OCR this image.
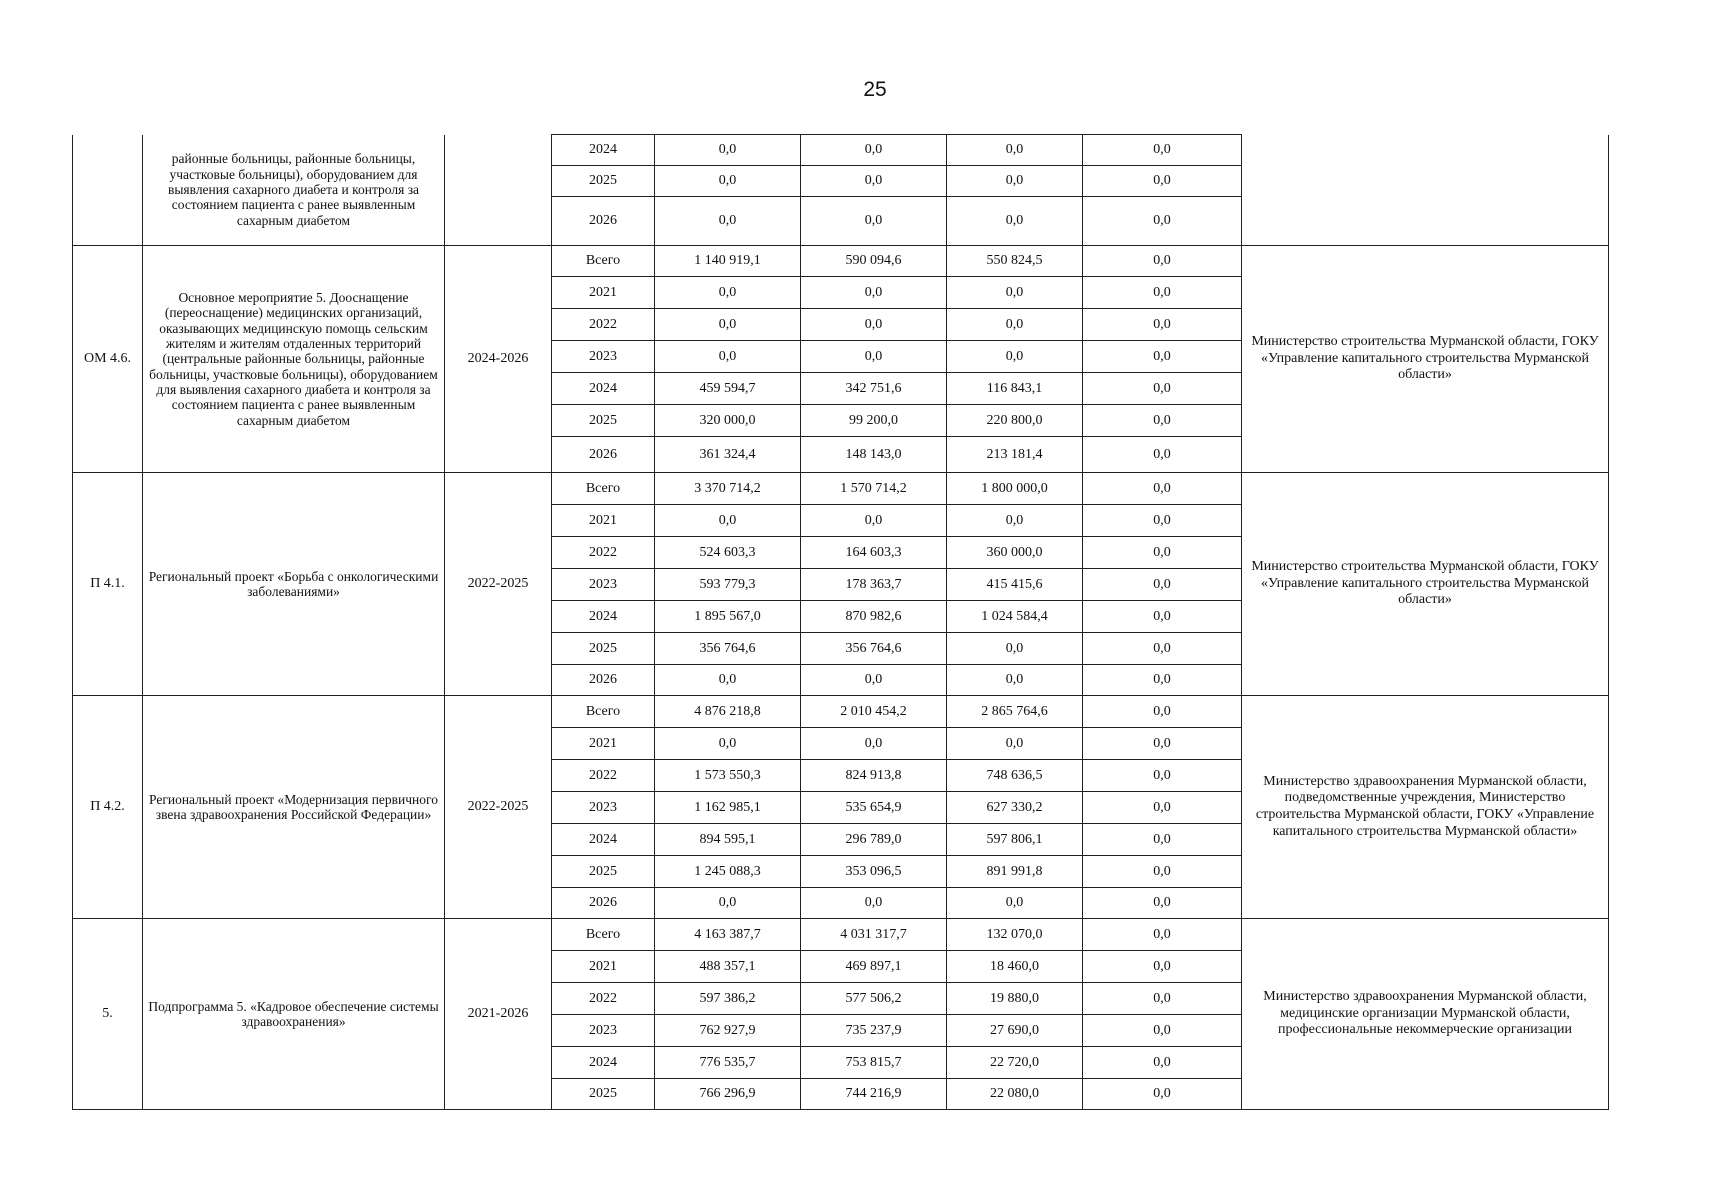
25
	районные больницы, районные больницы, участковые больницы), оборудованием для выявления сахарного диабета и контроля за состоянием пациента с ранее выявленным сахарным диабетом		2024	0,0	0,0	0,0	0,0	
			2025	0,0	0,0	0,0	0,0	
			2026	0,0	0,0	0,0	0,0	
ОМ 4.6.	Основное мероприятие 5. Дооснащение (переоснащение) медицинских организаций, оказывающих медицинскую помощь сельским жителям и жителям отдаленных территорий (центральные районные больницы, районные больницы, участковые больницы), оборудованием для выявления сахарного диабета и контроля за состоянием пациента с ранее выявленным сахарным диабетом	2024-2026	Всего	1 140 919,1	590 094,6	550 824,5	0,0	Министерство строительства Мурманской области, ГОКУ «Управление капитального строительства Мурманской области»
			2021	0,0	0,0	0,0	0,0	
			2022	0,0	0,0	0,0	0,0	
			2023	0,0	0,0	0,0	0,0	
			2024	459 594,7	342 751,6	116 843,1	0,0	
			2025	320 000,0	99 200,0	220 800,0	0,0	
			2026	361 324,4	148 143,0	213 181,4	0,0	
П 4.1.	Региональный проект «Борьба с онкологическими заболеваниями»	2022-2025	Всего	3 370 714,2	1 570 714,2	1 800 000,0	0,0	Министерство строительства Мурманской области, ГОКУ «Управление капитального строительства Мурманской области»
			2021	0,0	0,0	0,0	0,0	
			2022	524 603,3	164 603,3	360 000,0	0,0	
			2023	593 779,3	178 363,7	415 415,6	0,0	
			2024	1 895 567,0	870 982,6	1 024 584,4	0,0	
			2025	356 764,6	356 764,6	0,0	0,0	
			2026	0,0	0,0	0,0	0,0	
П 4.2.	Региональный проект «Модернизация первичного звена здравоохранения Российской Федерации»	2022-2025	Всего	4 876 218,8	2 010 454,2	2 865 764,6	0,0	Министерство здравоохранения Мурманской области, подведомственные учреждения, Министерство строительства Мурманской области, ГОКУ «Управление капитального строительства Мурманской области»
			2021	0,0	0,0	0,0	0,0	
			2022	1 573 550,3	824 913,8	748 636,5	0,0	
			2023	1 162 985,1	535 654,9	627 330,2	0,0	
			2024	894 595,1	296 789,0	597 806,1	0,0	
			2025	1 245 088,3	353 096,5	891 991,8	0,0	
			2026	0,0	0,0	0,0	0,0	
5.	Подпрограмма 5. «Кадровое обеспечение системы здравоохранения»	2021-2026	Всего	4 163 387,7	4 031 317,7	132 070,0	0,0	Министерство здравоохранения Мурманской области, медицинские организации Мурманской области, профессиональные некоммерческие организации
			2021	488 357,1	469 897,1	18 460,0	0,0	
			2022	597 386,2	577 506,2	19 880,0	0,0	
			2023	762 927,9	735 237,9	27 690,0	0,0	
			2024	776 535,7	753 815,7	22 720,0	0,0	
			2025	766 296,9	744 216,9	22 080,0	0,0	
